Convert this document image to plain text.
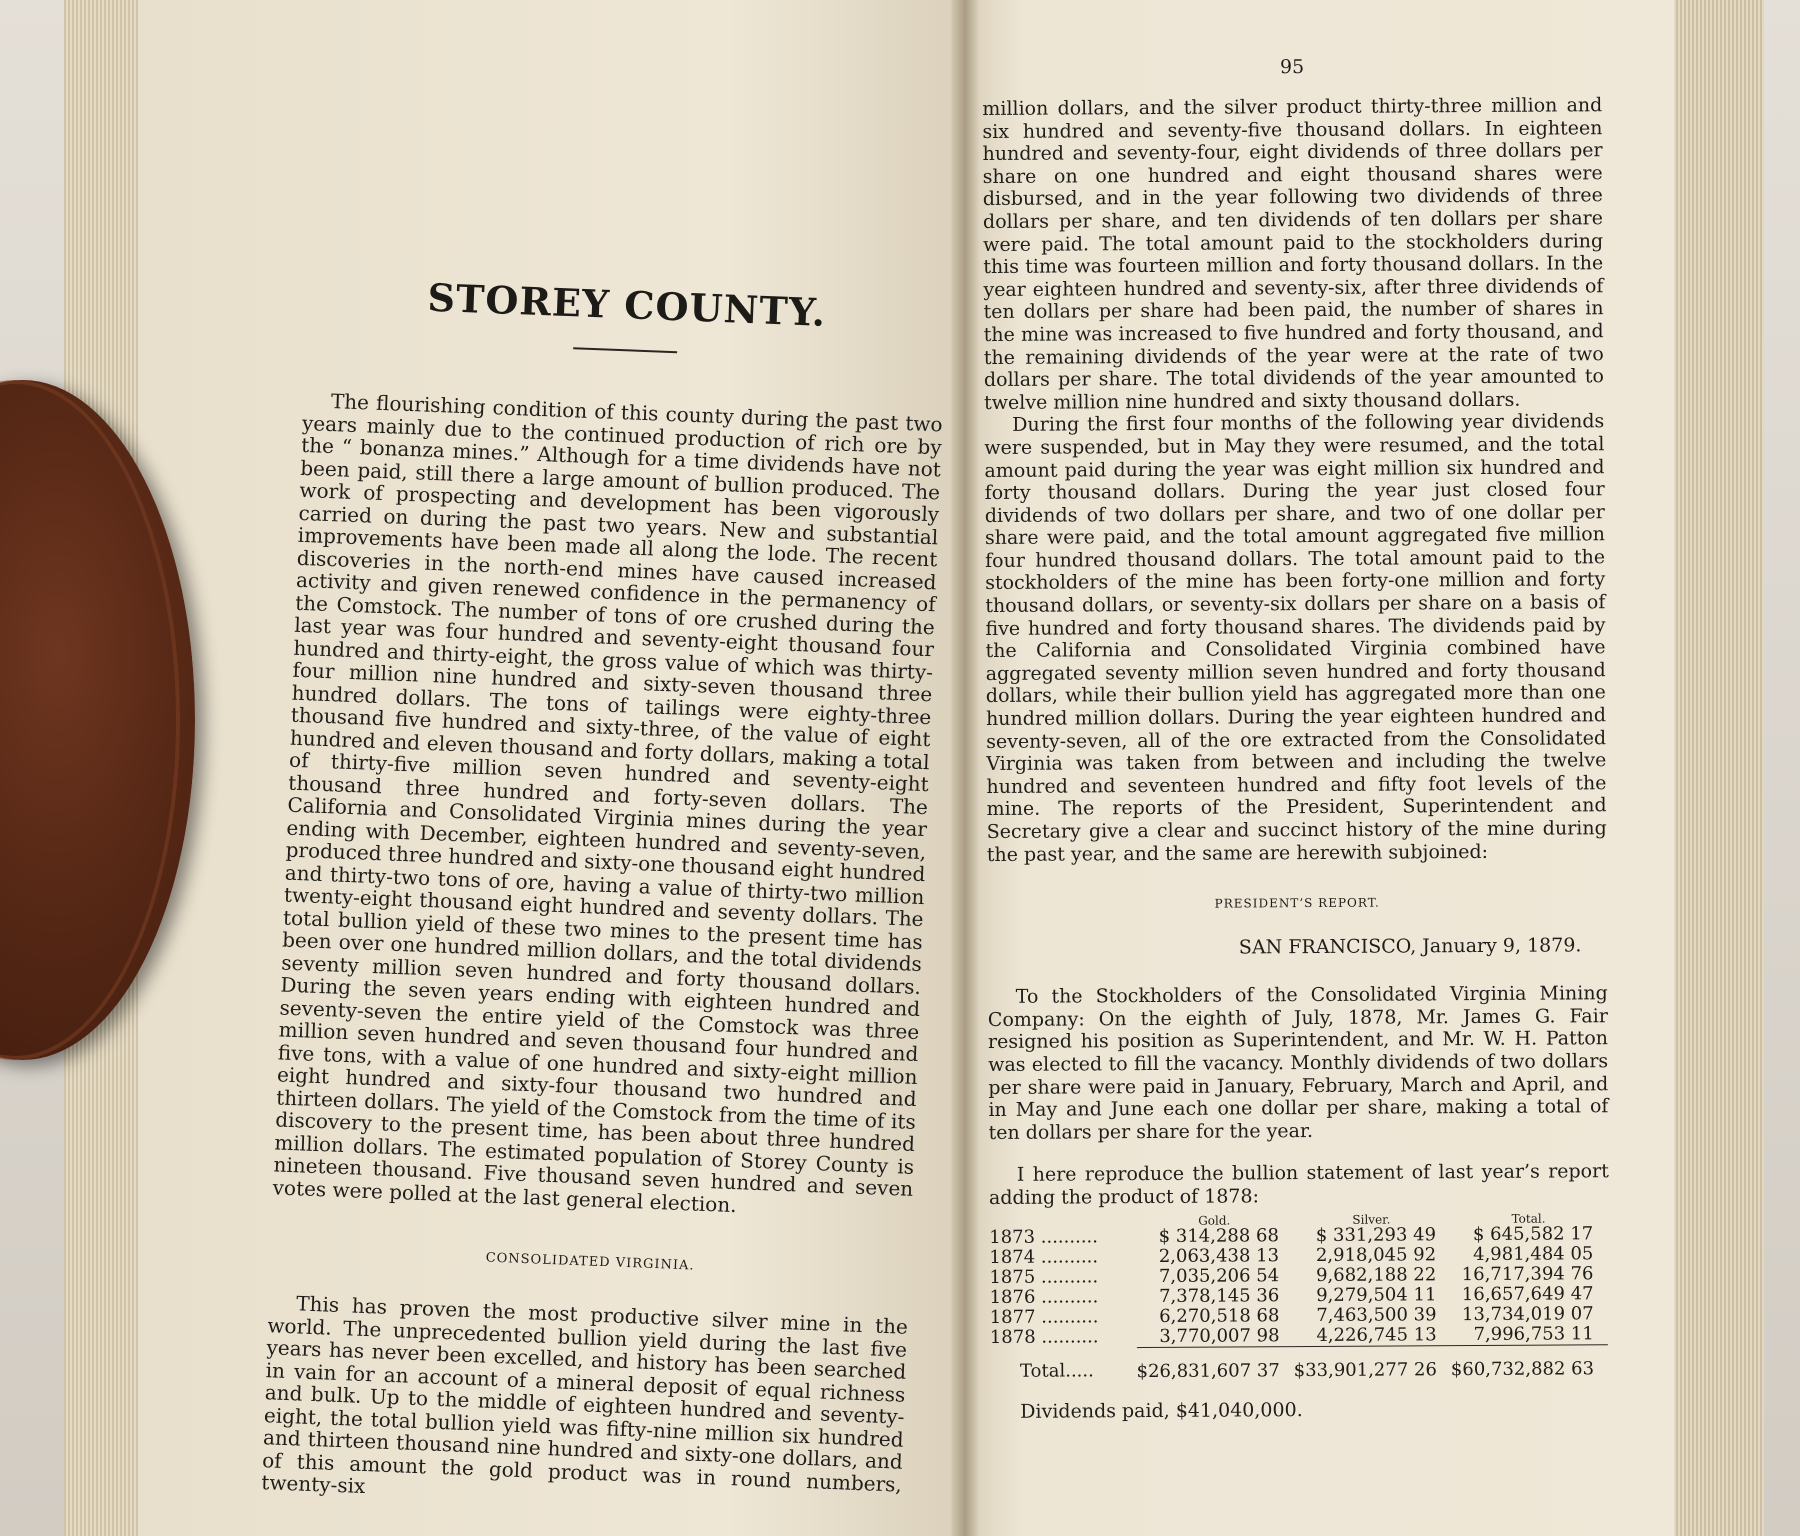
STOREY COUNTY.

The flourishing condition of this county during the past two years mainly due to the continued production of rich ore by the “ bonanza mines.” Although for a time dividends have not been paid, still there a large amount of bullion produced. The work of prospecting and development has been vigorously carried on during the past two years. New and substantial improvements have been made all along the lode. The recent discoveries in the north-end mines have caused increased activity and given renewed confidence in the permanency of the Comstock. The number of tons of ore crushed during the last year was four hundred and seventy-eight thousand four hundred and thirty-eight, the gross value of which was thirty-four million nine hundred and sixty-seven thousand three hundred dollars. The tons of tailings were eighty-three thousand five hundred and sixty-three, of the value of eight hundred and eleven thousand and forty dollars, making a total of thirty-five million seven hundred and seventy-eight thousand three hundred and forty-seven dollars. The California and Consolidated Virginia mines during the year ending with December, eighteen hundred and seventy-seven, produced three hundred and sixty-one thousand eight hundred and thirty-two tons of ore, having a value of thirty-two million twenty-eight thousand eight hundred and seventy dollars. The total bullion yield of these two mines to the present time has been over one hundred million dollars, and the total dividends seventy million seven hundred and forty thousand dollars. During the seven years ending with eighteen hundred and seventy-seven the entire yield of the Comstock was three million seven hundred and seven thousand four hundred and five tons, with a value of one hundred and sixty-eight million eight hundred and sixty-four thousand two hundred and thirteen dollars. The yield of the Comstock from the time of its discovery to the present time, has been about three hundred million dollars. The estimated population of Storey County is nineteen thousand. Five thousand seven hundred and seven votes were polled at the last general election.

CONSOLIDATED VIRGINIA.

This has proven the most productive silver mine in the world. The unprecedented bullion yield during the last five years has never been excelled, and history has been searched in vain for an account of a mineral deposit of equal richness and bulk. Up to the middle of eighteen hundred and seventy-eight, the total bullion yield was fifty-nine million six hundred and thirteen thousand nine hundred and sixty-one dollars, and of this amount the gold product was in round numbers, twenty-six

95

million dollars, and the silver product thirty-three million and six hundred and seventy-five thousand dollars. In eighteen hundred and seventy-four, eight dividends of three dollars per share on one hundred and eight thousand shares were disbursed, and in the year following two dividends of three dollars per share, and ten dividends of ten dollars per share were paid. The total amount paid to the stockholders during this time was fourteen million and forty thousand dollars. In the year eighteen hundred and seventy-six, after three dividends of ten dollars per share had been paid, the number of shares in the mine was increased to five hundred and forty thousand, and the remaining dividends of the year were at the rate of two dollars per share. The total dividends of the year amounted to twelve million nine hundred and sixty thousand dollars.

During the first four months of the following year dividends were suspended, but in May they were resumed, and the total amount paid during the year was eight million six hundred and forty thousand dollars. During the year just closed four dividends of two dollars per share, and two of one dollar per share were paid, and the total amount aggregated five million four hundred thousand dollars. The total amount paid to the stockholders of the mine has been forty-one million and forty thousand dollars, or seventy-six dollars per share on a basis of five hundred and forty thousand shares. The dividends paid by the California and Consolidated Virginia combined have aggregated seventy million seven hundred and forty thousand dollars, while their bullion yield has aggregated more than one hundred million dollars. During the year eighteen hundred and seventy-seven, all of the ore extracted from the Consolidated Virginia was taken from between and including the twelve hundred and seventeen hundred and fifty foot levels of the mine. The reports of the President, Superintendent and Secretary give a clear and succinct history of the mine during the past year, and the same are herewith subjoined:

PRESIDENT’S REPORT.
SAN FRANCISCO, January 9, 1879.

To the Stockholders of the Consolidated Virginia Mining Company: On the eighth of July, 1878, Mr. James G. Fair resigned his position as Superintendent, and Mr. W. H. Patton was elected to fill the vacancy. Monthly dividends of two dollars per share were paid in January, February, March and April, and in May and June each one dollar per share, making a total of ten dollars per share for the year.

I here reproduce the bullion statement of last year’s report adding the product of 1878:

	Gold.	Silver.	Total.
1873 ..........	$ 314,288 68	$ 331,293 49	$ 645,582 17
1874 ..........	2,063,438 13	2,918,045 92	4,981,484 05
1875 ..........	7,035,206 54	9,682,188 22	16,717,394 76
1876 ..........	7,378,145 36	9,279,504 11	16,657,649 47
1877 ..........	6,270,518 68	7,463,500 39	13,734,019 07
1878 ..........	3,770,007 98	4,226,745 13	7,996,753 11
Total.....	$26,831,607 37	$33,901,277 26	$60,732,882 63
Dividends paid, $41,040,000.
